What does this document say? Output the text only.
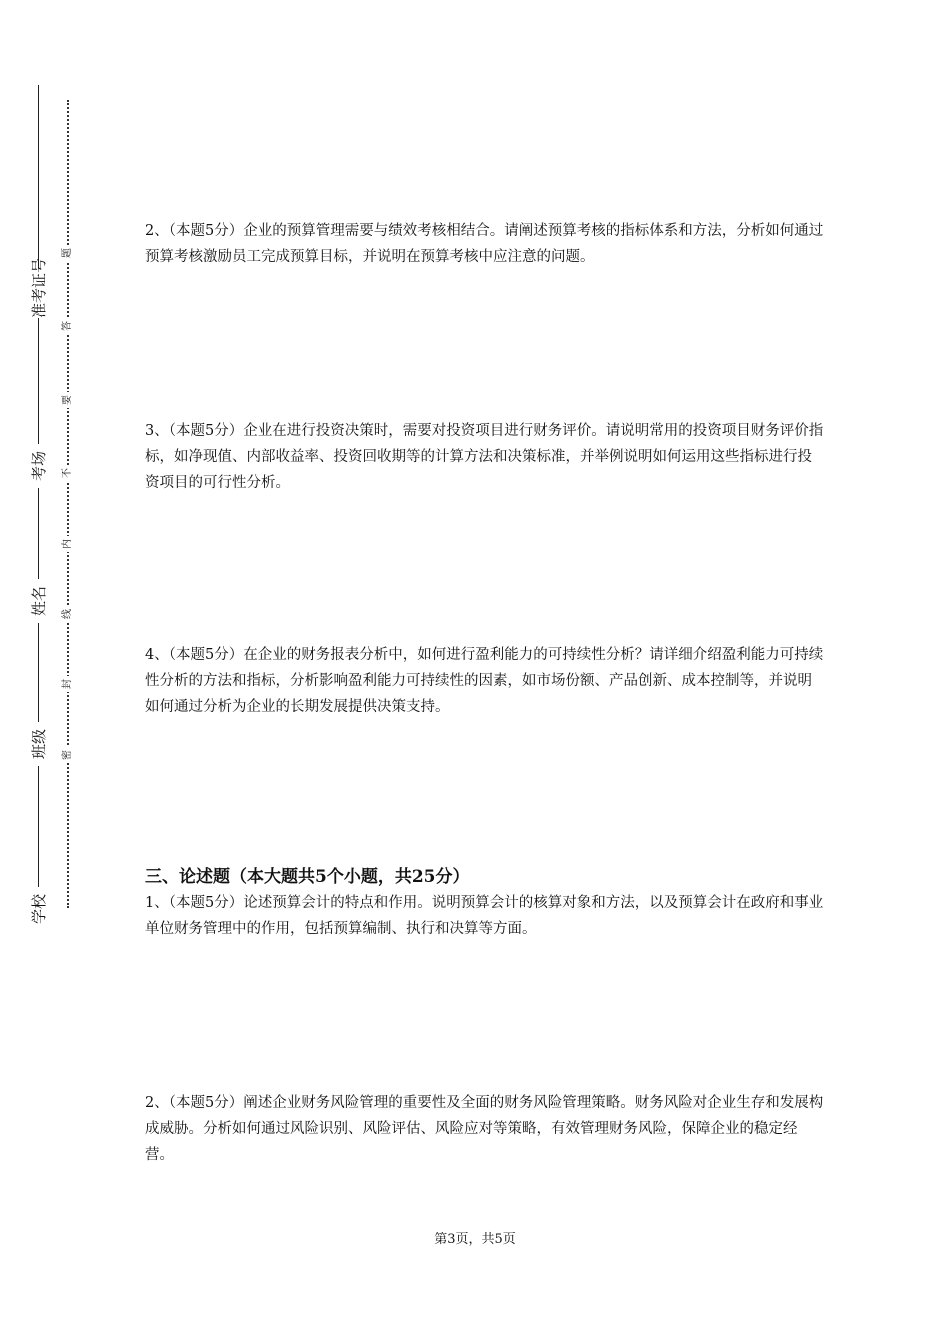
准考证号
考场
姓名
班级
学校
题
答
要
不
内
线
封
密

2、（本题5分）企业的预算管理需要与绩效考核相结合。请阐述预算考核的指标体系和方法，分析如何通过预算考核激励员工完成预算目标，并说明在预算考核中应注意的问题。

3、（本题5分）企业在进行投资决策时，需要对投资项目进行财务评价。请说明常用的投资项目财务评价指标，如净现值、内部收益率、投资回收期等的计算方法和决策标准，并举例说明如何运用这些指标进行投资项目的可行性分析。

4、（本题5分）在企业的财务报表分析中，如何进行盈利能力的可持续性分析？请详细介绍盈利能力可持续性分析的方法和指标，分析影响盈利能力可持续性的因素，如市场份额、产品创新、成本控制等，并说明如何通过分析为企业的长期发展提供决策支持。

三、论述题（本大题共5个小题，共25分）

1、（本题5分）论述预算会计的特点和作用。说明预算会计的核算对象和方法，以及预算会计在政府和事业单位财务管理中的作用，包括预算编制、执行和决算等方面。

2、（本题5分）阐述企业财务风险管理的重要性及全面的财务风险管理策略。财务风险对企业生存和发展构成威胁。分析如何通过风险识别、风险评估、风险应对等策略，有效管理财务风险，保障企业的稳定经营。

第3页，共5页
